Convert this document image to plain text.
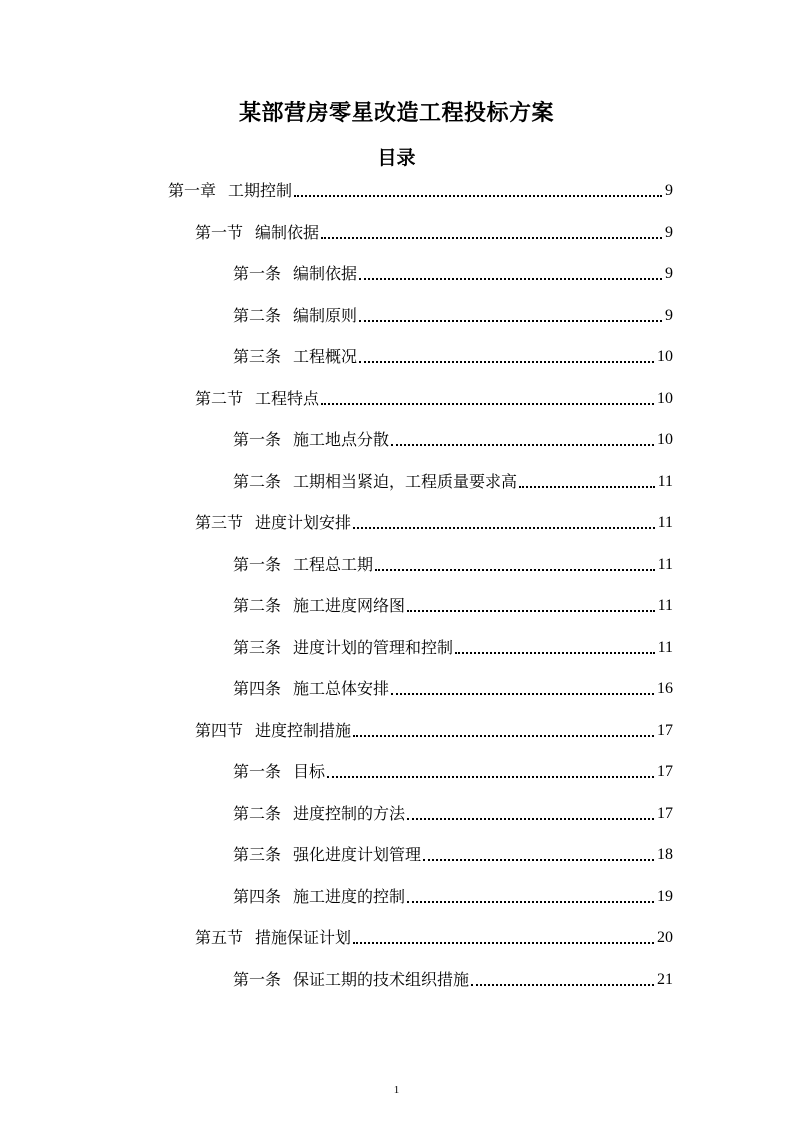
某部营房零星改造工程投标方案
目录
第一章 工期控制	9
第一节 编制依据	9
第一条 编制依据	9
第二条 编制原则	9
第三条 工程概况	10
第二节 工程特点	10
第一条 施工地点分散	10
第二条 工期相当紧迫，工程质量要求高	11
第三节 进度计划安排	11
第一条 工程总工期	11
第二条 施工进度网络图	11
第三条 进度计划的管理和控制	11
第四条 施工总体安排	16
第四节 进度控制措施	17
第一条 目标	17
第二条 进度控制的方法	17
第三条 强化进度计划管理	18
第四条 施工进度的控制	19
第五节 措施保证计划	20
第一条 保证工期的技术组织措施	21
1
